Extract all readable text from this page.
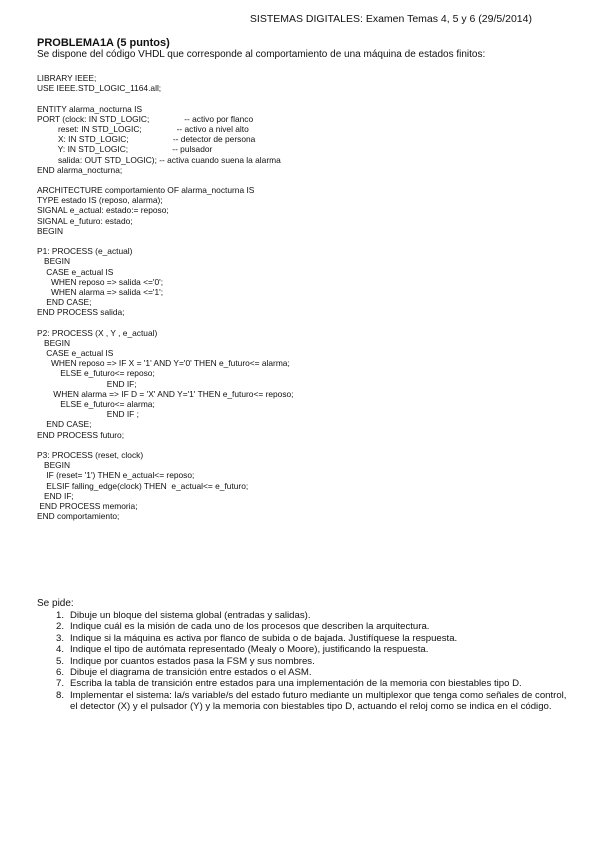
SISTEMAS DIGITALES: Examen Temas 4, 5 y 6 (29/5/2014)
PROBLEMA1A (5 puntos)
Se dispone del código VHDL que corresponde al comportamiento de una máquina de estados finitos:
LIBRARY IEEE;
USE IEEE.STD_LOGIC_1164.all;
ENTITY alarma_nocturna IS
PORT (clock: IN STD_LOGIC;               -- activo por flanco
reset: IN STD_LOGIC;               -- activo a nivel alto
X: IN STD_LOGIC;                   -- detector de persona
Y: IN STD_LOGIC;                   -- pulsador
salida: OUT STD_LOGIC); -- activa cuando suena la alarma
END alarma_nocturna;
ARCHITECTURE comportamiento OF alarma_nocturna IS
TYPE estado IS (reposo, alarma);
SIGNAL e_actual: estado:= reposo;
SIGNAL e_futuro: estado;
BEGIN
P1: PROCESS (e_actual)
BEGIN
CASE e_actual IS
WHEN reposo => salida <='0';
WHEN alarma => salida <='1';
END CASE;
END PROCESS salida;
P2: PROCESS (X , Y , e_actual)
BEGIN
CASE e_actual IS
WHEN reposo => IF X = '1' AND Y='0' THEN e_futuro<= alarma;
ELSE e_futuro<= reposo;
END IF;
WHEN alarma => IF D = 'X' AND Y='1' THEN e_futuro<= reposo;
ELSE e_futuro<= alarma;
END IF ;
END CASE;
END PROCESS futuro;
P3: PROCESS (reset, clock)
BEGIN
IF (reset= '1') THEN e_actual<= reposo;
ELSIF falling_edge(clock) THEN  e_actual<= e_futuro;
END IF;
END PROCESS memoria;
END comportamiento;
Se pide:
1. Dibuje un bloque del sistema global (entradas y salidas).
2. Indique cuál es la misión de cada uno de los procesos que describen la arquitectura.
3. Indique si la máquina es activa por flanco de subida o de bajada. Justifíquese la respuesta.
4. Indique el tipo de autómata representado (Mealy o Moore), justificando la respuesta.
5. Indique por cuantos estados pasa la FSM y sus nombres.
6. Dibuje el diagrama de transición entre estados o el ASM.
7. Escriba la tabla de transición entre estados para una implementación de la memoria con biestables tipo D.
8. Implementar el sistema: la/s variable/s del estado futuro mediante un multiplexor que tenga como señales de control, el detector (X) y el pulsador (Y) y la memoria con biestables tipo D, actuando el reloj como se indica en el código.
